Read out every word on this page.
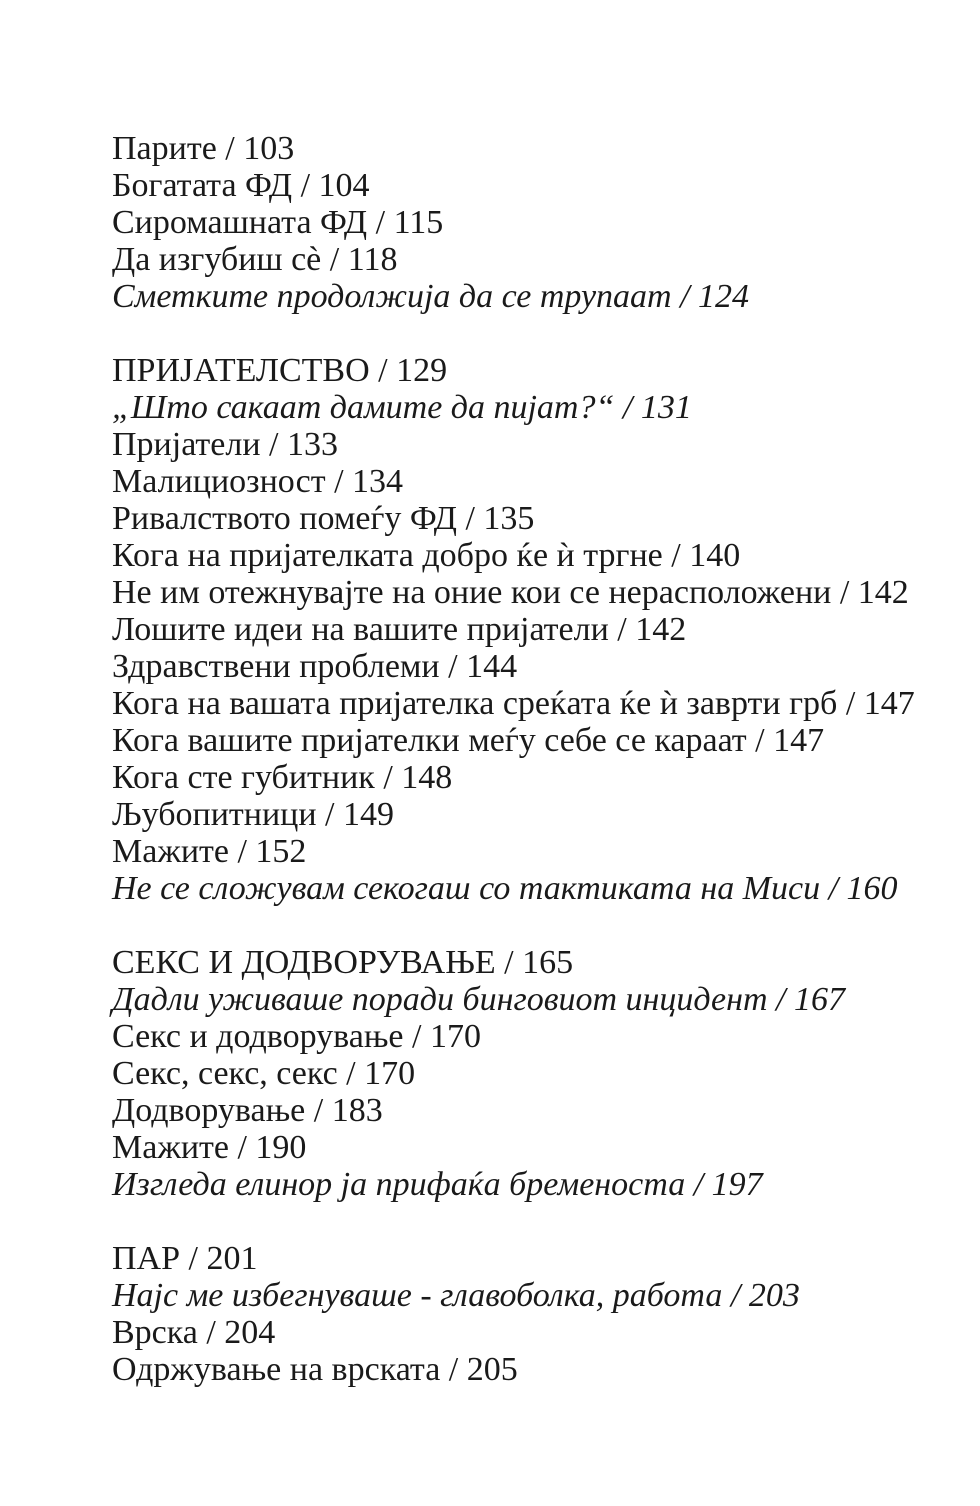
Парите / 103
Богатата ФД / 104
Сиромашната ФД / 115
Да изгубиш сѐ / 118
Сметките продолжија да се трупаат / 124
ПРИЈАТЕЛСТВО / 129
„Што сакаат дамите да пијат?“ / 131
Пријатели / 133
Малициозност / 134
Ривалството помеѓу ФД / 135
Кога на пријателката добро ќе ѝ тргне / 140
Не им отежнувајте на оние кои се нерасположени / 142
Лошите идеи на вашите пријатели / 142
Здравствени проблеми / 144
Кога на вашата пријателка среќата ќе ѝ заврти грб / 147
Кога вашите пријателки меѓу себе се караат / 147
Кога сте губитник / 148
Љубопитници / 149
Мажите / 152
Не се сложувам секогаш со тактиката на Миси / 160
СЕКС И ДОДВОРУВАЊЕ / 165
Дадли уживаше поради бинговиот инцидент / 167
Секс и додворување / 170
Секс, секс, секс / 170
Додворување / 183
Мажите / 190
Изгледа елинор ја прифаќа бременоста / 197
ПАР / 201
Најс ме избегнуваше - главоболка, работа / 203
Врска / 204
Одржување на врската / 205
